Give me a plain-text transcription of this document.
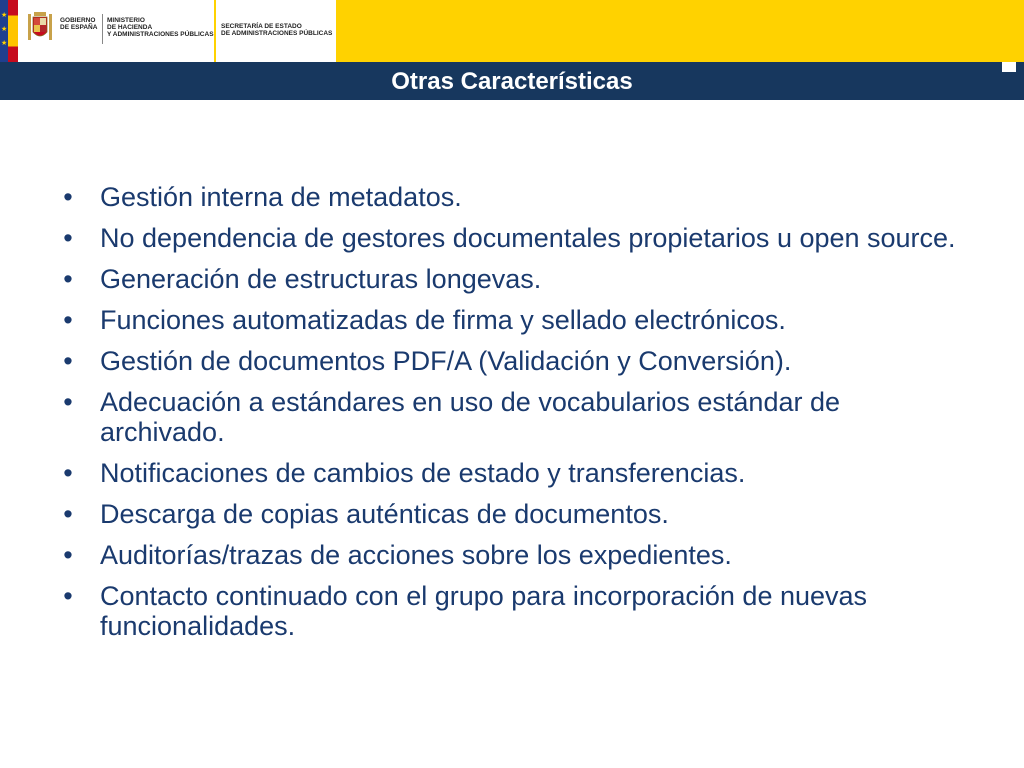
★
★
★
GOBIERNO
DE ESPAÑA
MINISTERIO
DE HACIENDA
Y ADMINISTRACIONES PÚBLICAS
SECRETARÍA DE ESTADO
DE ADMINISTRACIONES PÚBLICAS
Otras Características
• Gestión interna de metadatos.
• No dependencia de gestores documentales propietarios u open source.
• Generación de estructuras longevas.
• Funciones automatizadas de firma y sellado electrónicos.
• Gestión de documentos PDF/A (Validación y Conversión).
• Adecuación a estándares en uso de vocabularios estándar de archivado.
• Notificaciones de cambios de estado y transferencias.
• Descarga de copias auténticas de documentos.
• Auditorías/trazas de acciones sobre los expedientes.
• Contacto continuado con el grupo para incorporación de nuevas funcionalidades.
